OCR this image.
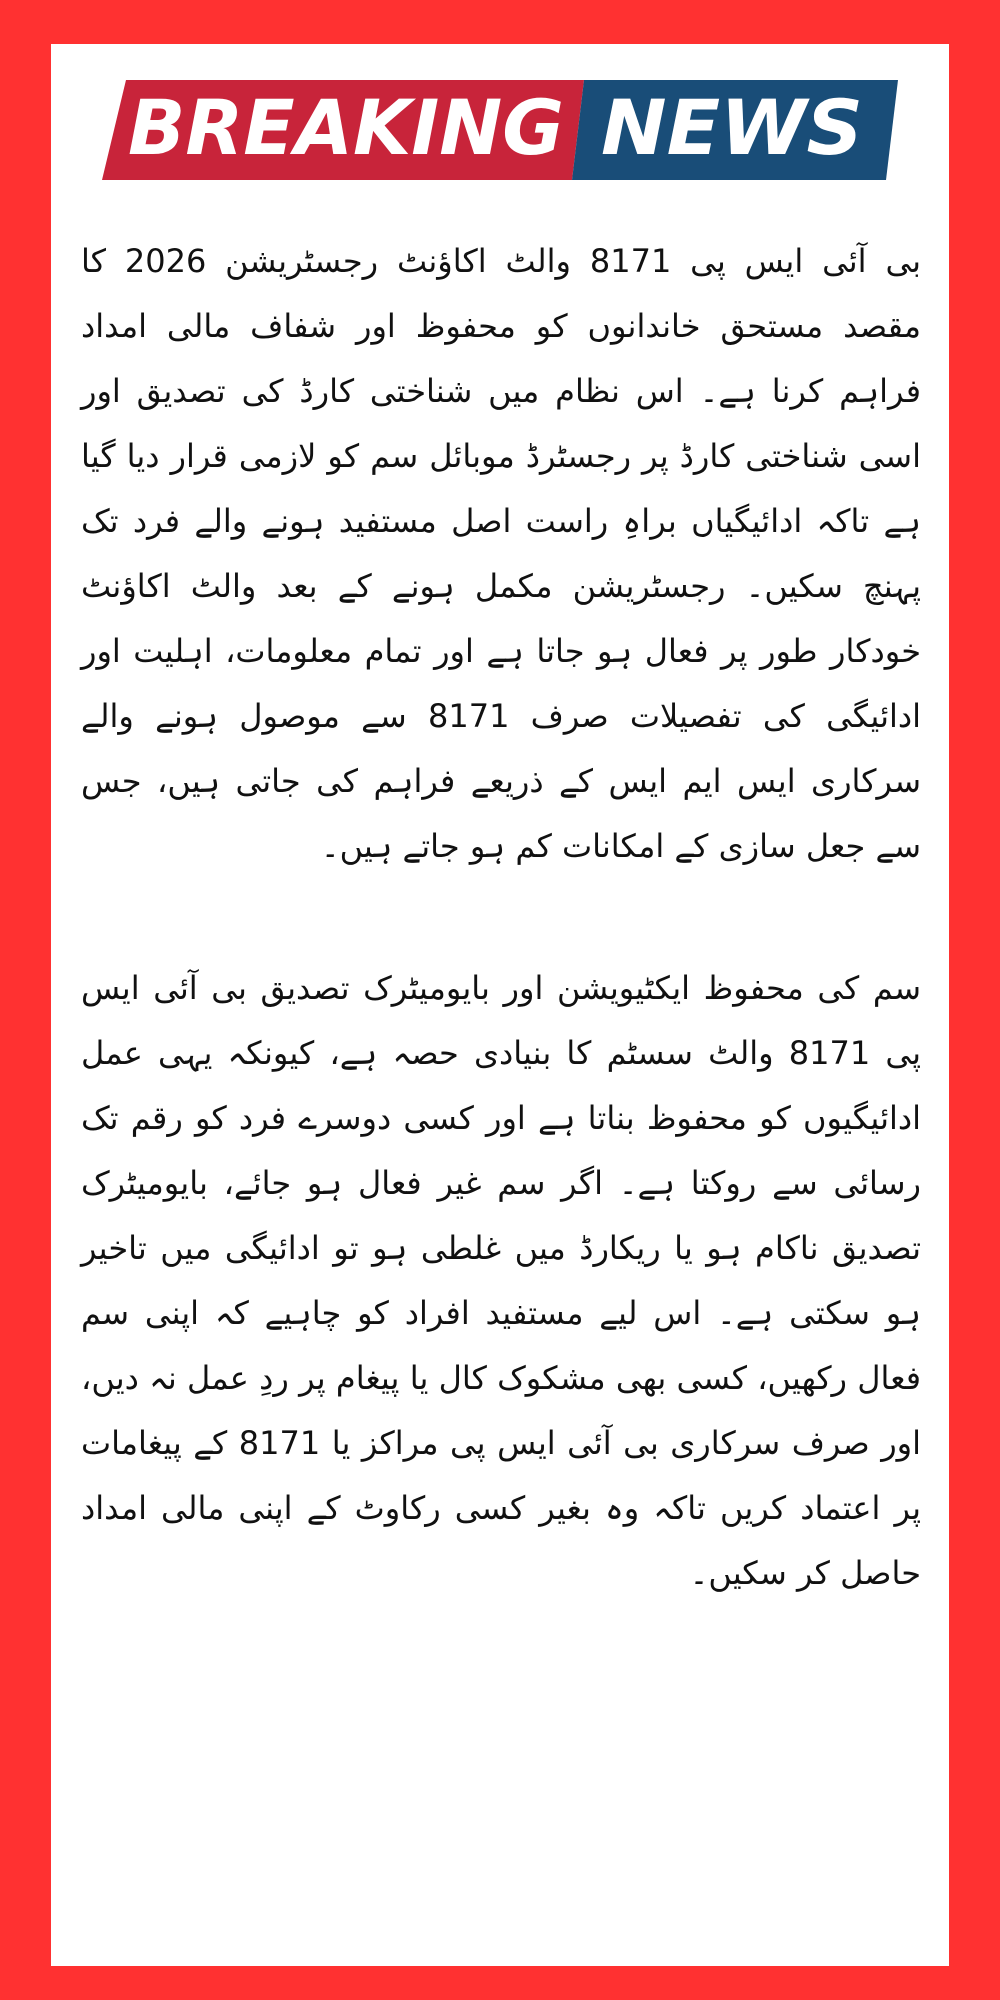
BREAKING NEWS

بی آئی ایس پی 8171 والٹ اکاؤنٹ رجسٹریشن 2026 کا مقصد مستحق خاندانوں کو محفوظ اور شفاف مالی امداد فراہم کرنا ہے۔ اس نظام میں شناختی کارڈ کی تصدیق اور اسی شناختی کارڈ پر رجسٹرڈ موبائل سم کو لازمی قرار دیا گیا ہے تاکہ ادائیگیاں براہِ راست اصل مستفید ہونے والے فرد تک پہنچ سکیں۔ رجسٹریشن مکمل ہونے کے بعد والٹ اکاؤنٹ خودکار طور پر فعال ہو جاتا ہے اور تمام معلومات، اہلیت اور ادائیگی کی تفصیلات صرف 8171 سے موصول ہونے والے سرکاری ایس ایم ایس کے ذریعے فراہم کی جاتی ہیں، جس سے جعل سازی کے امکانات کم ہو جاتے ہیں۔

سم کی محفوظ ایکٹیویشن اور بایومیٹرک تصدیق بی آئی ایس پی 8171 والٹ سسٹم کا بنیادی حصہ ہے، کیونکہ یہی عمل ادائیگیوں کو محفوظ بناتا ہے اور کسی دوسرے فرد کو رقم تک رسائی سے روکتا ہے۔ اگر سم غیر فعال ہو جائے، بایومیٹرک تصدیق ناکام ہو یا ریکارڈ میں غلطی ہو تو ادائیگی میں تاخیر ہو سکتی ہے۔ اس لیے مستفید افراد کو چاہیے کہ اپنی سم فعال رکھیں، کسی بھی مشکوک کال یا پیغام پر ردِ عمل نہ دیں، اور صرف سرکاری بی آئی ایس پی مراکز یا 8171 کے پیغامات پر اعتماد کریں تاکہ وہ بغیر کسی رکاوٹ کے اپنی مالی امداد حاصل کر سکیں۔
